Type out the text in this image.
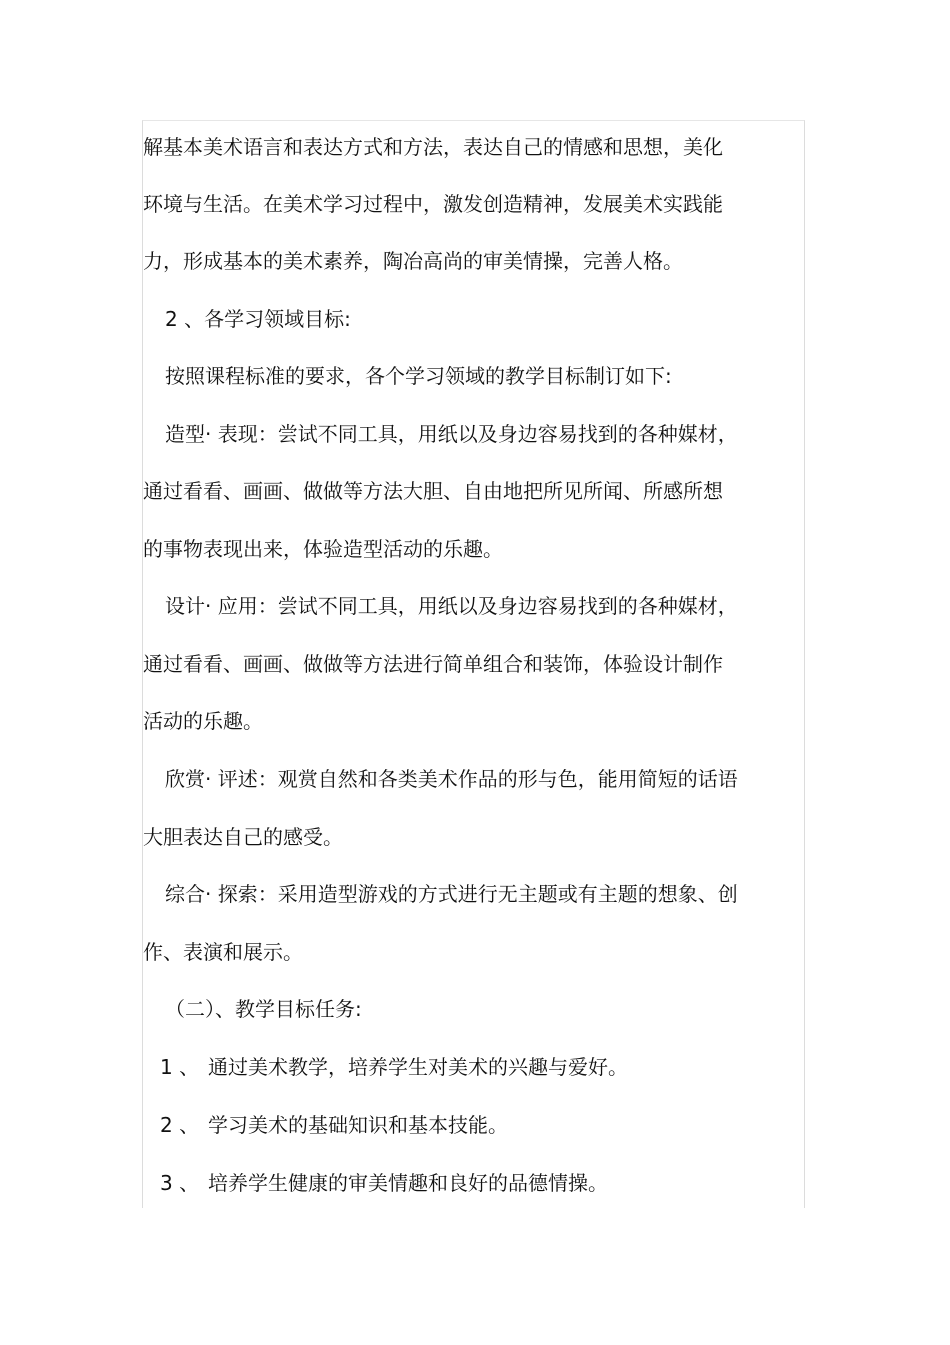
解基本美术语言和表达方式和方法，表达自己的情感和思想，美化
环境与生活。在美术学习过程中，激发创造精神，发展美术实践能
力，形成基本的美术素养，陶冶高尚的审美情操，完善人格。
2 、各学习领域目标:
按照课程标准的要求，各个学习领域的教学目标制订如下:
造型· 表现：尝试不同工具，用纸以及身边容易找到的各种媒材，
通过看看、画画、做做等方法大胆、自由地把所见所闻、所感所想
的事物表现出来，体验造型活动的乐趣。
设计· 应用：尝试不同工具，用纸以及身边容易找到的各种媒材，
通过看看、画画、做做等方法进行简单组合和装饰，体验设计制作
活动的乐趣。
欣赏· 评述：观赏自然和各类美术作品的形与色，能用简短的话语
大胆表达自己的感受。
综合· 探索：采用造型游戏的方式进行无主题或有主题的想象、创
作、表演和展示。
（二）、教学目标任务:
1 、 通过美术教学，培养学生对美术的兴趣与爱好。
2 、 学习美术的基础知识和基本技能。
3 、 培养学生健康的审美情趣和良好的品德情操。
